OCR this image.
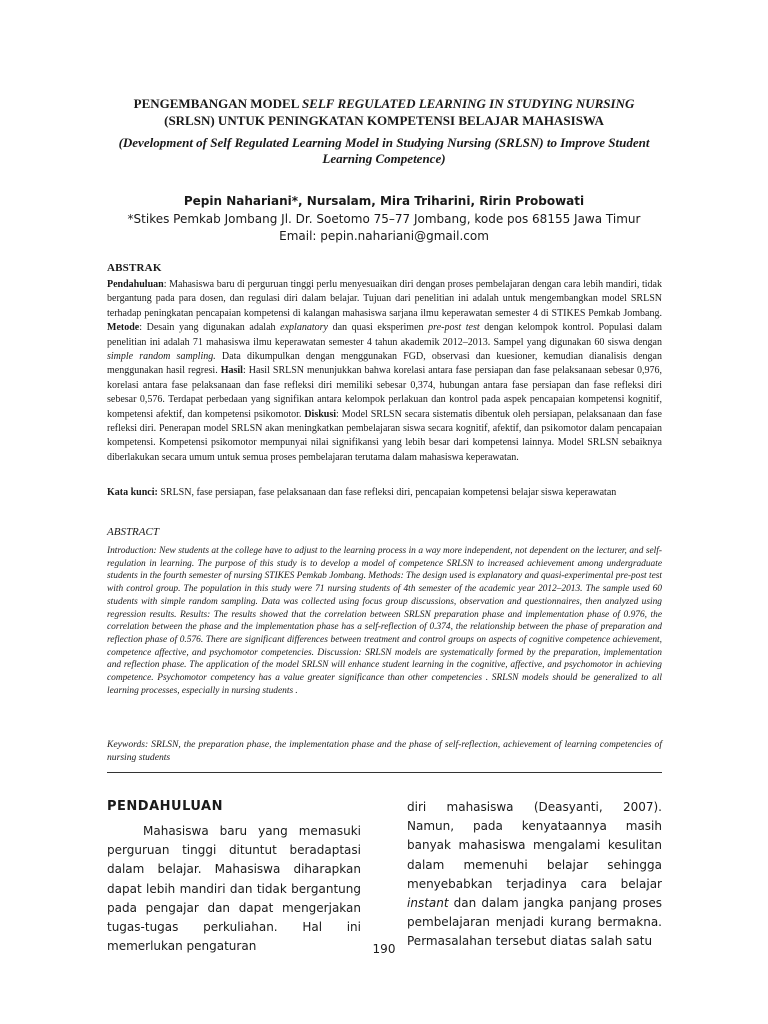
PENGEMBANGAN MODEL SELF REGULATED LEARNING IN STUDYING NURSING
(SRLSN) UNTUK PENINGKATAN KOMPETENSI BELAJAR MAHASISWA
(Development of Self Regulated Learning Model in Studying Nursing (SRLSN) to Improve Student Learning Competence)
Pepin Nahariani*, Nursalam, Mira Triharini, Ririn Probowati
*Stikes Pemkab Jombang Jl. Dr. Soetomo 75–77 Jombang, kode pos 68155 Jawa Timur
Email: pepin.nahariani@gmail.com
ABSTRAK
Pendahuluan: Mahasiswa baru di perguruan tinggi perlu menyesuaikan diri dengan proses pembelajaran dengan cara lebih mandiri, tidak bergantung pada para dosen, dan regulasi diri dalam belajar. Tujuan dari penelitian ini adalah untuk mengembangkan model SRLSN terhadap peningkatan pencapaian kompetensi di kalangan mahasiswa sarjana ilmu keperawatan semester 4 di STIKES Pemkab Jombang. Metode: Desain yang digunakan adalah explanatory dan quasi eksperimen pre-post test dengan kelompok kontrol. Populasi dalam penelitian ini adalah 71 mahasiswa ilmu keperawatan semester 4 tahun akademik 2012–2013. Sampel yang digunakan 60 siswa dengan simple random sampling. Data dikumpulkan dengan menggunakan FGD, observasi dan kuesioner, kemudian dianalisis dengan menggunakan hasil regresi. Hasil: Hasil SRLSN menunjukkan bahwa korelasi antara fase persiapan dan fase pelaksanaan sebesar 0,976, korelasi antara fase pelaksanaan dan fase refleksi diri memiliki sebesar 0,374, hubungan antara fase persiapan dan fase refleksi diri sebesar 0,576. Terdapat perbedaan yang signifikan antara kelompok perlakuan dan kontrol pada aspek pencapaian kompetensi kognitif, kompetensi afektif, dan kompetensi psikomotor. Diskusi: Model SRLSN secara sistematis dibentuk oleh persiapan, pelaksanaan dan fase refleksi diri. Penerapan model SRLSN akan meningkatkan pembelajaran siswa secara kognitif, afektif, dan psikomotor dalam pencapaian kompetensi. Kompetensi psikomotor mempunyai nilai signifikansi yang lebih besar dari kompetensi lainnya. Model SRLSN sebaiknya diberlakukan secara umum untuk semua proses pembelajaran terutama dalam mahasiswa keperawatan.
Kata kunci: SRLSN, fase persiapan, fase pelaksanaan dan fase refleksi diri, pencapaian kompetensi belajar siswa keperawatan
ABSTRACT
Introduction: New students at the college have to adjust to the learning process in a way more independent, not dependent on the lecturer, and self-regulation in learning. The purpose of this study is to develop a model of competence SRLSN to increased achievement among undergraduate students in the fourth semester of nursing STIKES Pemkab Jombang. Methods: The design used is explanatory and quasi-experimental pre-post test with control group. The population in this study were 71 nursing students of 4th semester of the academic year 2012–2013. The sample used 60 students with simple random sampling. Data was collected using focus group discussions, observation and questionnaires, then analyzed using regression results. Results: The results showed that the correlation between SRLSN preparation phase and implementation phase of 0.976, the correlation between the phase and the implementation phase has a self-reflection of 0.374, the relationship between the phase of preparation and reflection phase of 0.576. There are significant differences between treatment and control groups on aspects of cognitive competence achievement, competence affective, and psychomotor competencies. Discussion: SRLSN models are systematically formed by the preparation, implementation and reflection phase. The application of the model SRLSN will enhance student learning in the cognitive, affective, and psychomotor in achieving competence. Psychomotor competency has a value greater significance than other competencies . SRLSN models should be generalized to all learning processes, especially in nursing students .
Keywords: SRLSN, the preparation phase, the implementation phase and the phase of self-reflection, achievement of learning competencies of nursing students
PENDAHULUAN

Mahasiswa baru yang memasuki perguruan tinggi dituntut beradaptasi dalam belajar. Mahasiswa diharapkan dapat lebih mandiri dan tidak bergantung pada pengajar dan dapat mengerjakan tugas-tugas perkuliahan. Hal ini memerlukan pengaturan

diri mahasiswa (Deasyanti, 2007). Namun, pada kenyataannya masih banyak mahasiswa mengalami kesulitan dalam memenuhi belajar sehingga menyebabkan terjadinya cara belajar instant dan dalam jangka panjang proses pembelajaran menjadi kurang bermakna. Permasalahan tersebut diatas salah satu

190
